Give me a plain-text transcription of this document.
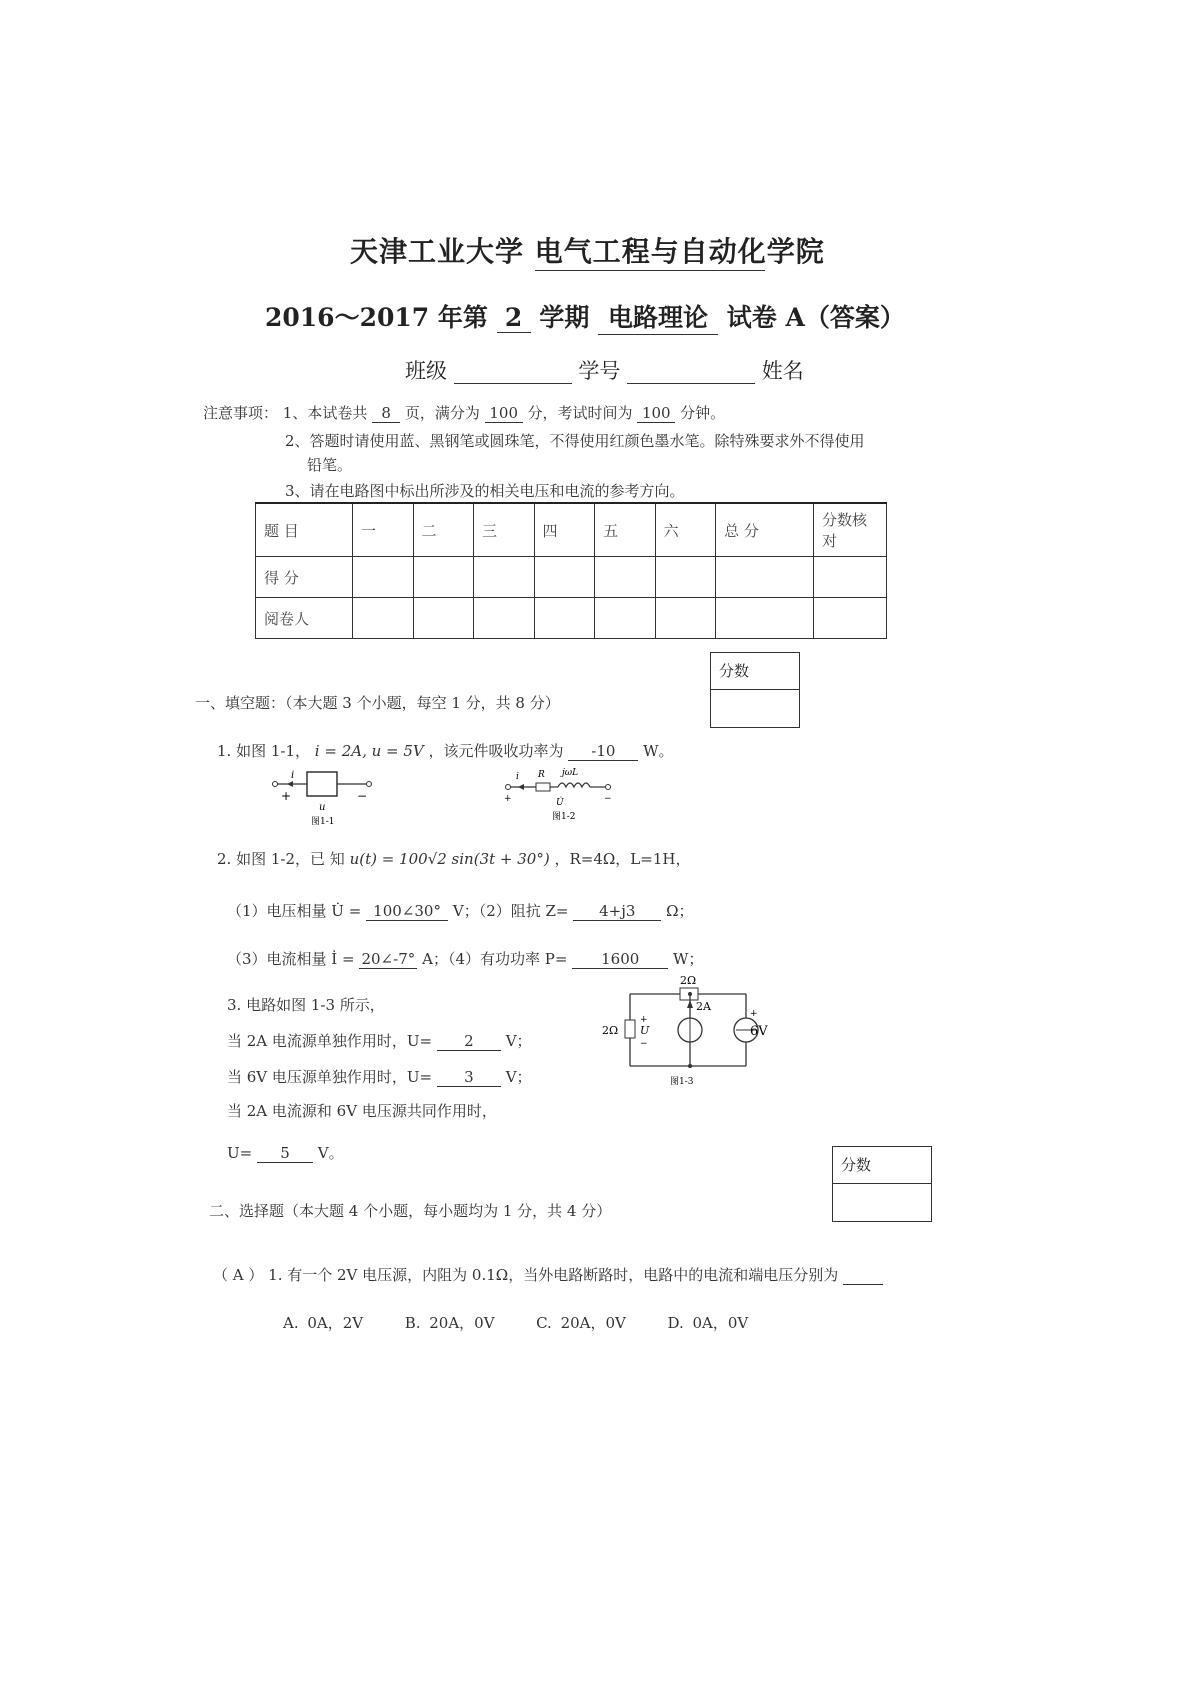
天津工业大学 电气工程与自动化学院
2016～2017 年第 2 学期 电路理论 试卷 A（答案）
班级	学号	姓名
注意事项： 1、本试卷共 8 页，满分为 100 分，考试时间为 100 分钟。
2、答题时请使用蓝、黑钢笔或圆珠笔，不得使用红颜色墨水笔。除特殊要求外不得使用
铅笔。
3、请在电路图中标出所涉及的相关电压和电流的参考方向。
题 目	一	二	三	四	五	六	总 分	分数核对
得 分								
阅卷人								
分数
一、填空题：（本大题 3 个小题，每空 1 分，共 8 分）
1. 如图 1-1， i = 2A, u = 5V ，该元件吸收功率为 -10 W。
i
+	−
u
图1-1
i R jωL
+	−
U̇
图1-2
2. 如图 1-2，已 知 u(t) = 100√2 sin(3t + 30°) ，R=4Ω，L=1H，
（1）电压相量 U̇ = 100∠30° V；（2）阻抗 Z= 4+j3 Ω；
（3）电流相量 İ = 20∠-7° A；（4）有功功率 P= 1600 W；
3. 电路如图 1-3 所示，
当 2A 电流源单独作用时，U= 2 V；
当 6V 电压源单独作用时，U= 3 V；
当 2A 电流源和 6V 电压源共同作用时，
U= 5 V。
2Ω
+
6V
2A
2Ω
+
U
−
图1-3
分数
二、选择题（本大题 4 个小题，每小题均为 1 分，共 4 分）
（ A ） 1. 有一个 2V 电压源，内阻为 0.1Ω，当外电路断路时，电路中的电流和端电压分别为
A. 0A，2V	B. 20A，0V	C. 20A，0V	D. 0A，0V
